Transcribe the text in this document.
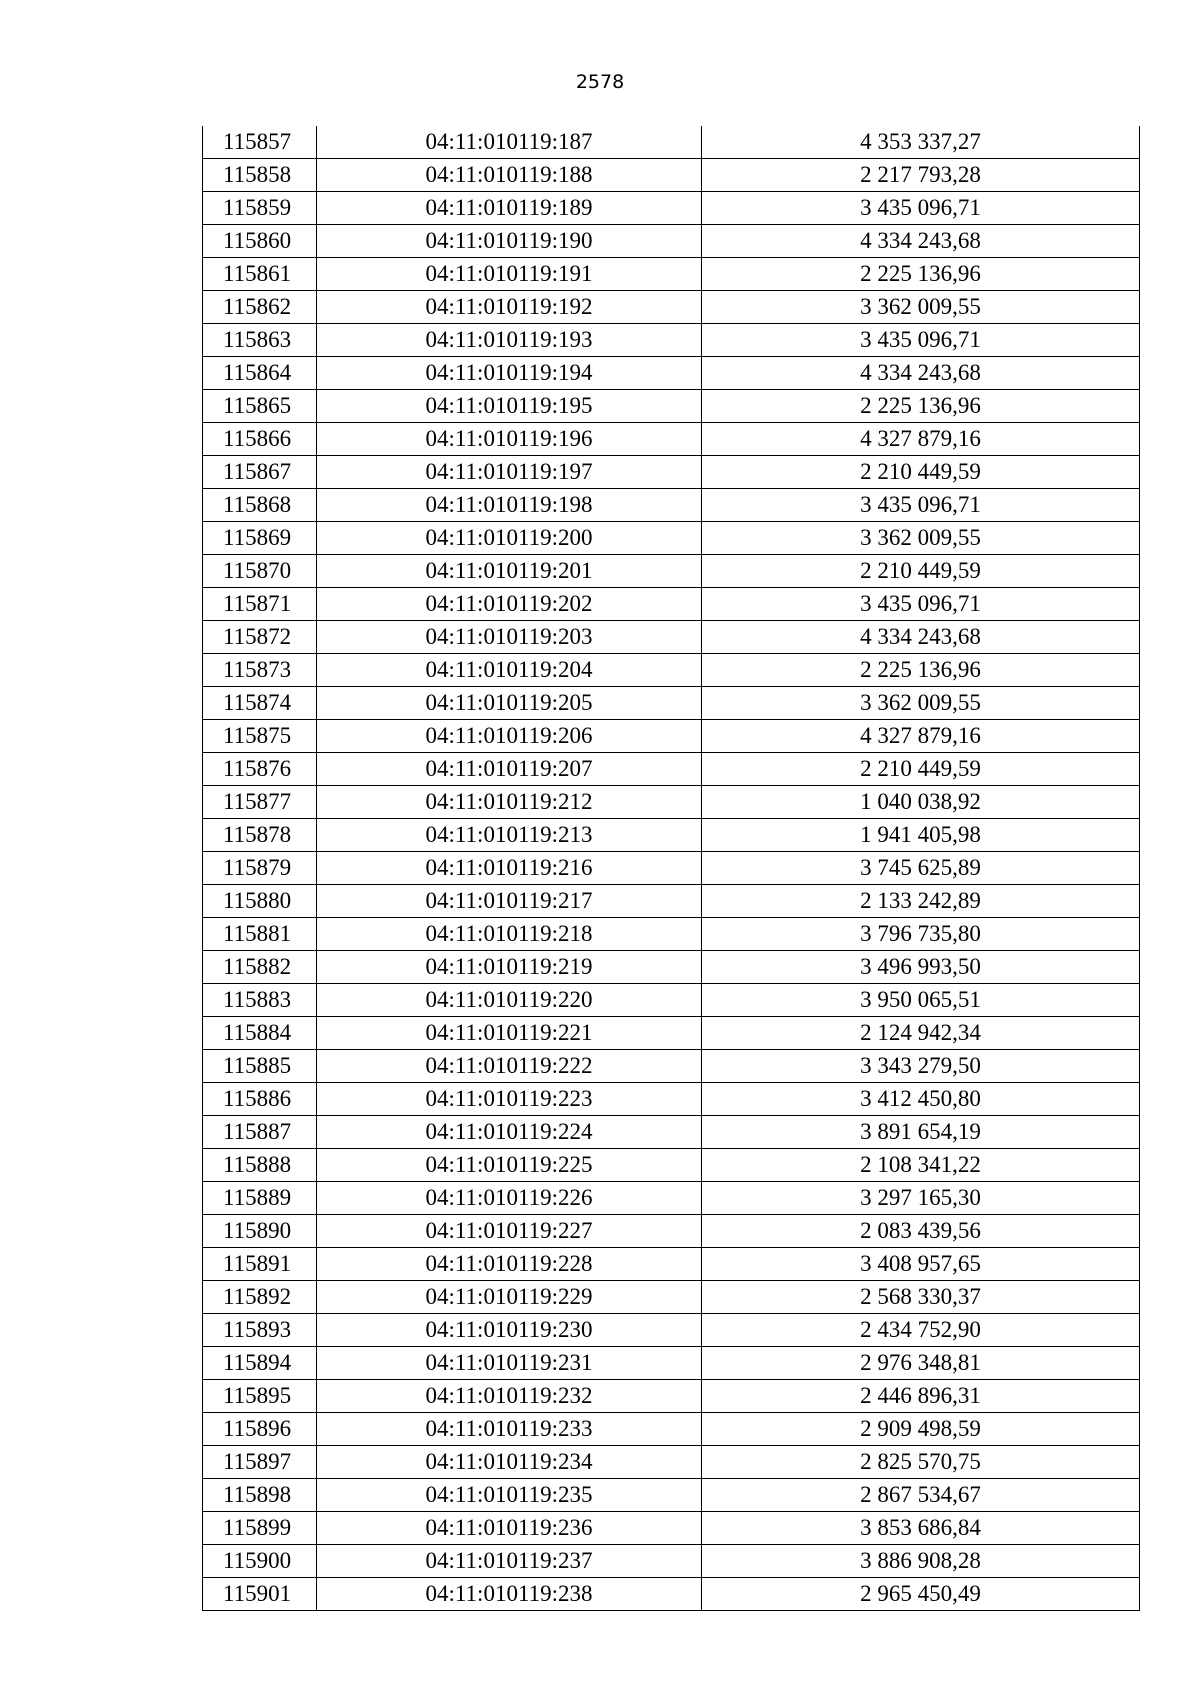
2578
115857	04:11:010119:187	4 353 337,27
115858	04:11:010119:188	2 217 793,28
115859	04:11:010119:189	3 435 096,71
115860	04:11:010119:190	4 334 243,68
115861	04:11:010119:191	2 225 136,96
115862	04:11:010119:192	3 362 009,55
115863	04:11:010119:193	3 435 096,71
115864	04:11:010119:194	4 334 243,68
115865	04:11:010119:195	2 225 136,96
115866	04:11:010119:196	4 327 879,16
115867	04:11:010119:197	2 210 449,59
115868	04:11:010119:198	3 435 096,71
115869	04:11:010119:200	3 362 009,55
115870	04:11:010119:201	2 210 449,59
115871	04:11:010119:202	3 435 096,71
115872	04:11:010119:203	4 334 243,68
115873	04:11:010119:204	2 225 136,96
115874	04:11:010119:205	3 362 009,55
115875	04:11:010119:206	4 327 879,16
115876	04:11:010119:207	2 210 449,59
115877	04:11:010119:212	1 040 038,92
115878	04:11:010119:213	1 941 405,98
115879	04:11:010119:216	3 745 625,89
115880	04:11:010119:217	2 133 242,89
115881	04:11:010119:218	3 796 735,80
115882	04:11:010119:219	3 496 993,50
115883	04:11:010119:220	3 950 065,51
115884	04:11:010119:221	2 124 942,34
115885	04:11:010119:222	3 343 279,50
115886	04:11:010119:223	3 412 450,80
115887	04:11:010119:224	3 891 654,19
115888	04:11:010119:225	2 108 341,22
115889	04:11:010119:226	3 297 165,30
115890	04:11:010119:227	2 083 439,56
115891	04:11:010119:228	3 408 957,65
115892	04:11:010119:229	2 568 330,37
115893	04:11:010119:230	2 434 752,90
115894	04:11:010119:231	2 976 348,81
115895	04:11:010119:232	2 446 896,31
115896	04:11:010119:233	2 909 498,59
115897	04:11:010119:234	2 825 570,75
115898	04:11:010119:235	2 867 534,67
115899	04:11:010119:236	3 853 686,84
115900	04:11:010119:237	3 886 908,28
115901	04:11:010119:238	2 965 450,49
